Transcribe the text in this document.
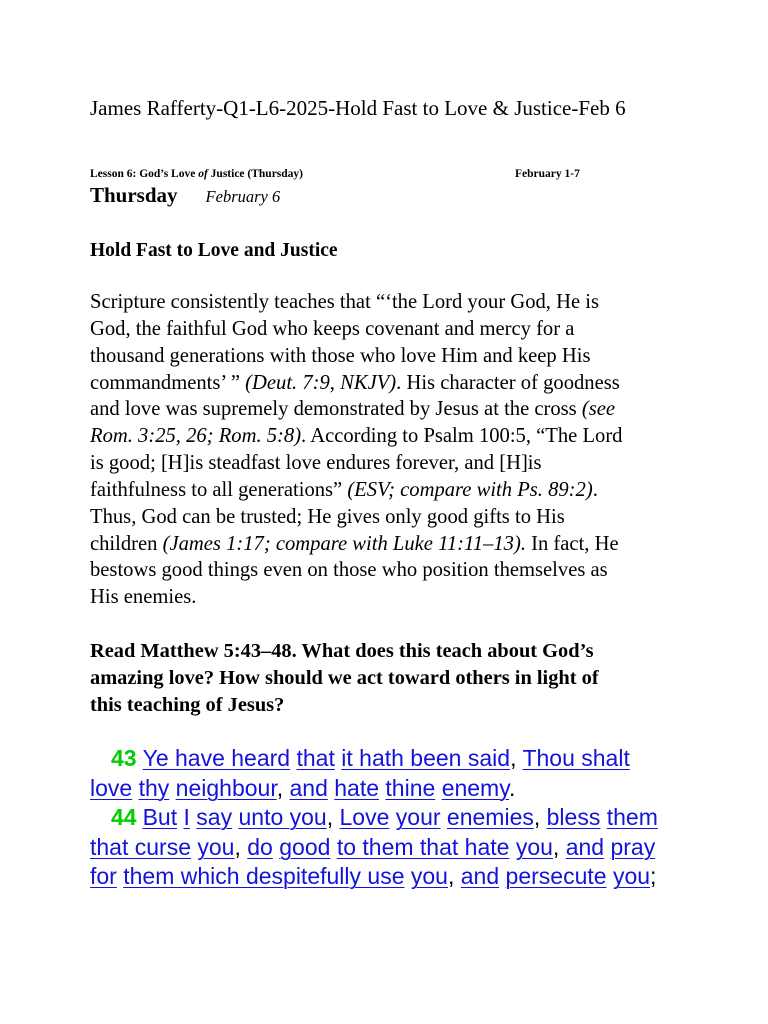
James Rafferty-Q1-L6-2025-Hold Fast to Love & Justice-Feb 6
Lesson 6: God’s Love of Justice (Thursday)	February 1-7
Thursday February 6
Hold Fast to Love and Justice
Scripture consistently teaches that “‘the Lord your God, He is
God, the faithful God who keeps covenant and mercy for a
thousand generations with those who love Him and keep His
commandments’ ” (Deut. 7:9, NKJV). His character of goodness
and love was supremely demonstrated by Jesus at the cross (see
Rom. 3:25, 26; Rom. 5:8). According to Psalm 100:5, “The Lord
is good; [H]is steadfast love endures forever, and [H]is
faithfulness to all generations” (ESV; compare with Ps. 89:2).
Thus, God can be trusted; He gives only good gifts to His
children (James 1:17; compare with Luke 11:11–13). In fact, He
bestows good things even on those who position themselves as
His enemies.
Read Matthew 5:43–48. What does this teach about God’s
amazing love? How should we act toward others in light of
this teaching of Jesus?
43 Ye have heard that it hath been said, Thou shalt
love thy neighbour, and hate thine enemy.
44 But I say unto you, Love your enemies, bless them
that curse you, do good to them that hate you, and pray
for them which despitefully use you, and persecute you;
